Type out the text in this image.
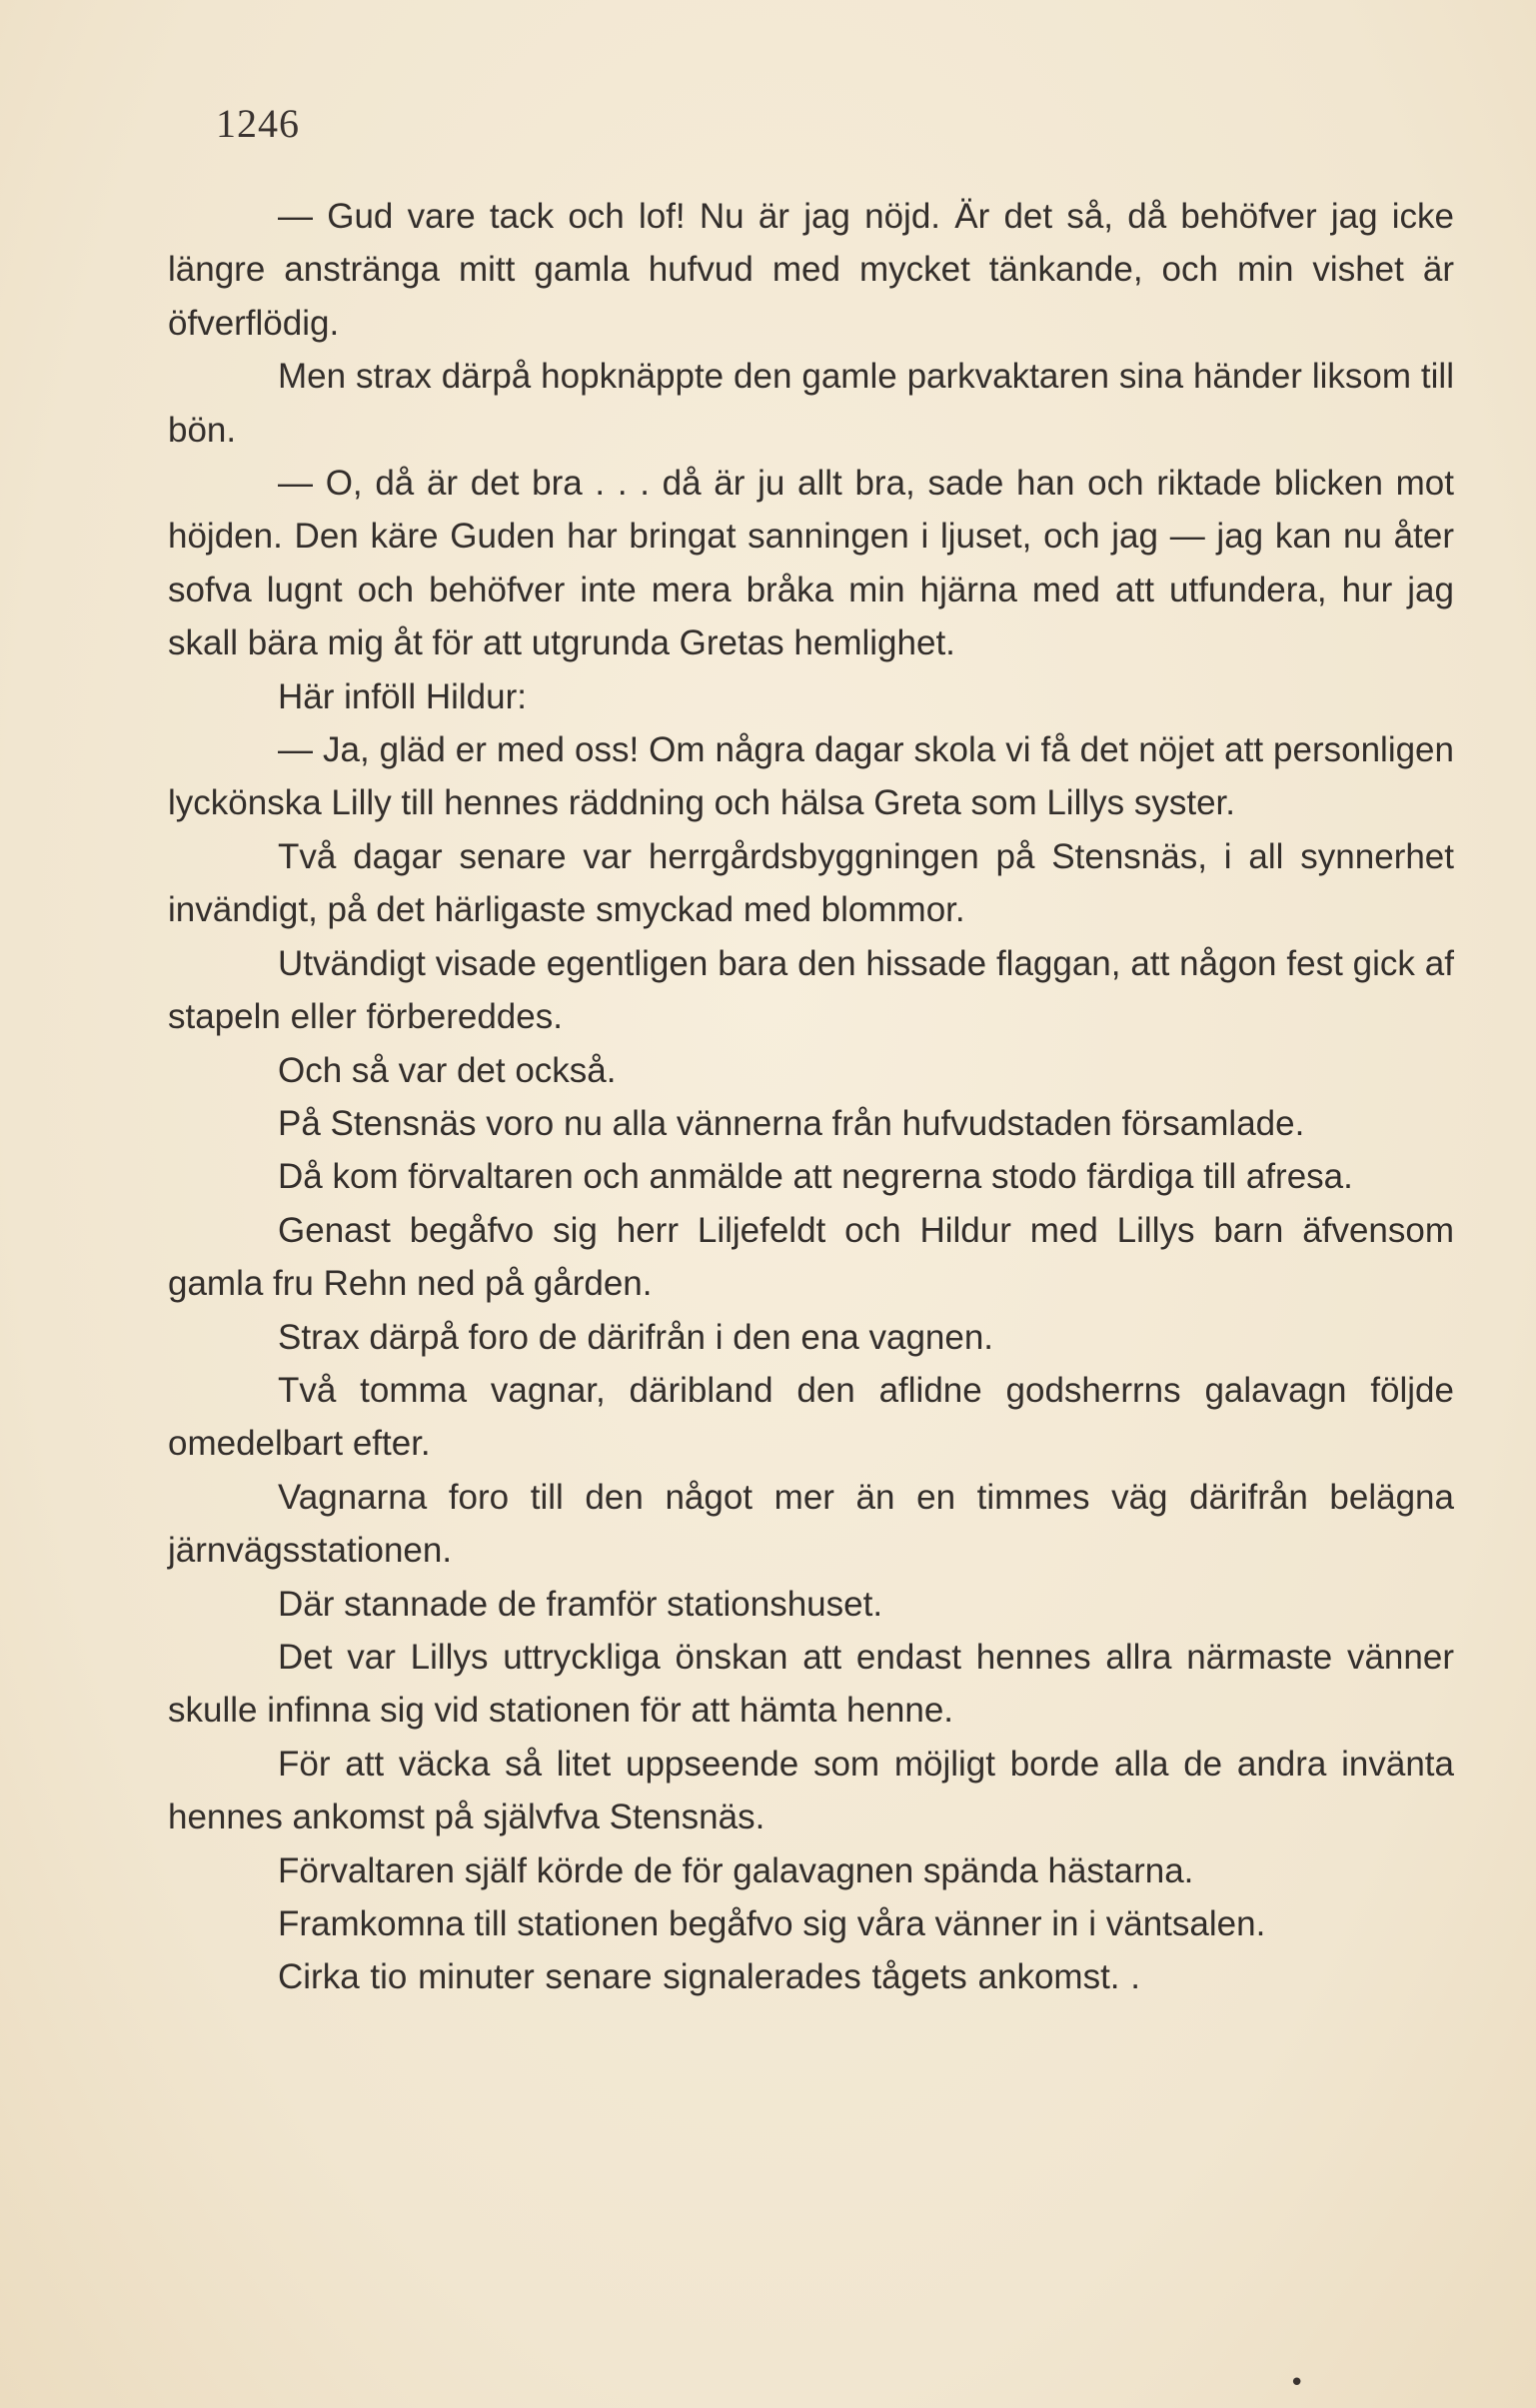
1246

— Gud vare tack och lof! Nu är jag nöjd. Är det så, då behöfver jag icke längre anstränga mitt gamla hufvud med mycket tänkande, och min vishet är öfverflödig.

Men strax därpå hopknäppte den gamle parkvaktaren sina händer liksom till bön.

— O, då är det bra . . . då är ju allt bra, sade han och riktade blicken mot höjden. Den käre Guden har bringat sanningen i ljuset, och jag — jag kan nu åter sofva lugnt och behöfver inte mera bråka min hjärna med att utfundera, hur jag skall bära mig åt för att utgrunda Gretas hemlighet.

Här inföll Hildur:

— Ja, gläd er med oss! Om några dagar skola vi få det nöjet att personligen lyckönska Lilly till hennes räddning och hälsa Greta som Lillys syster.

Två dagar senare var herrgårdsbyggningen på Stensnäs, i all synnerhet invändigt, på det härligaste smyckad med blommor.

Utvändigt visade egentligen bara den hissade flaggan, att någon fest gick af stapeln eller förbereddes.

Och så var det också.

På Stensnäs voro nu alla vännerna från hufvudstaden församlade.

Då kom förvaltaren och anmälde att negrerna stodo färdiga till afresa.

Genast begåfvo sig herr Liljefeldt och Hildur med Lillys barn äfvensom gamla fru Rehn ned på gården.

Strax därpå foro de därifrån i den ena vagnen.

Två tomma vagnar, däribland den aflidne godsherrns galavagn följde omedelbart efter.

Vagnarna foro till den något mer än en timmes väg därifrån belägna järnvägsstationen.

Där stannade de framför stationshuset.

Det var Lillys uttryckliga önskan att endast hennes allra närmaste vänner skulle infinna sig vid stationen för att hämta henne.

För att väcka så litet uppseende som möjligt borde alla de andra invänta hennes ankomst på självfva Stensnäs.

Förvaltaren själf körde de för galavagnen spända hästarna.

Framkomna till stationen begåfvo sig våra vänner in i väntsalen.

Cirka tio minuter senare signalerades tågets ankomst. .

•
